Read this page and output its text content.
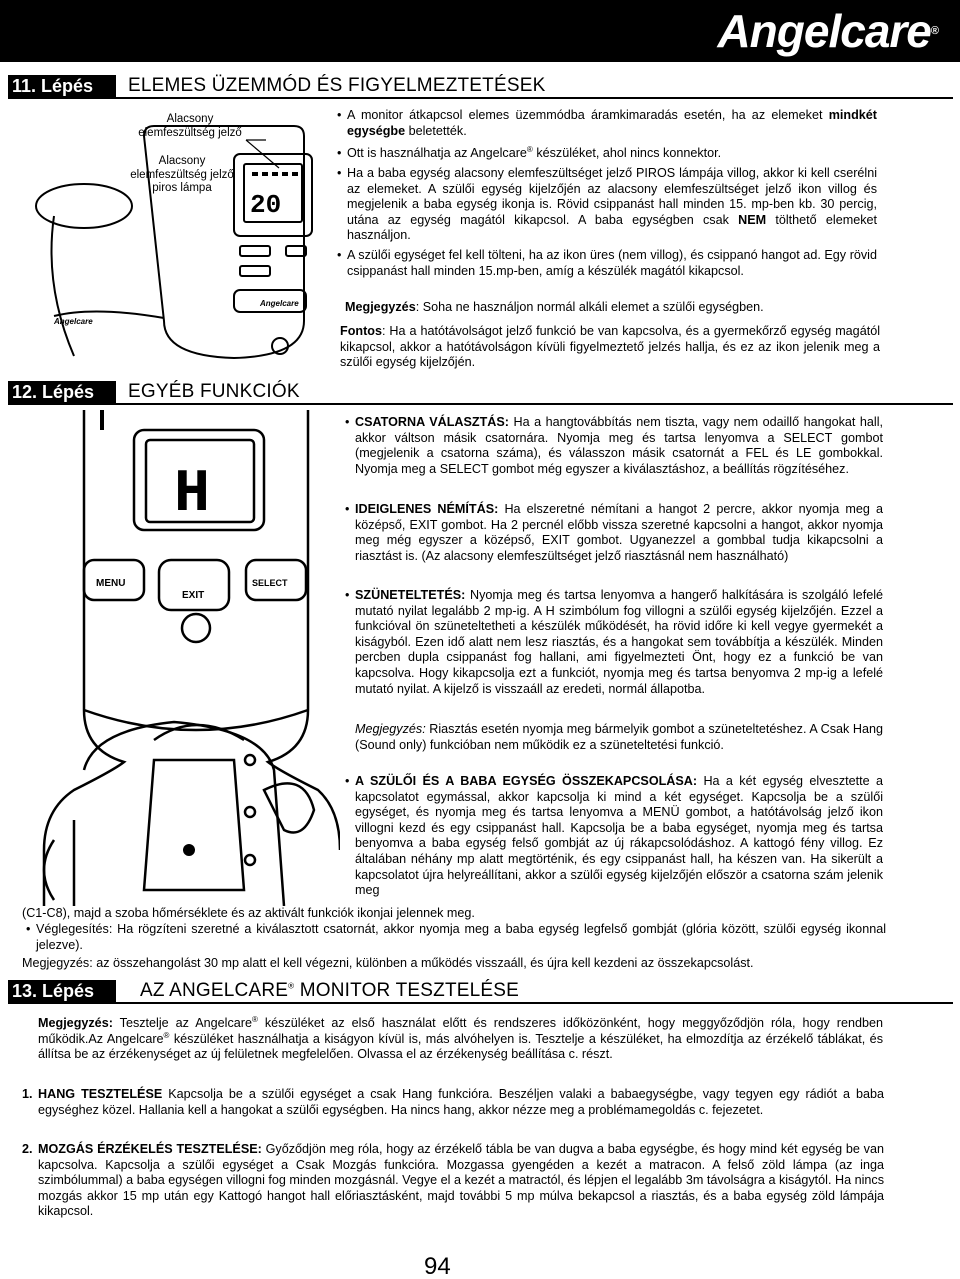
Angelcare®
11. Lépés	ELEMES ÜZEMMÓD ÉS FIGYELMEZTETÉSEK
20
Angelcare
Angelcare
Alacsony elemfeszültség jelző
Alacsony elemfeszültség jelző piros lámpa
• A monitor átkapcsol elemes üzemmódba áramkimaradás esetén, ha az elemeket mindkét egységbe beletették.
• Ott is használhatja az Angelcare® készüléket, ahol nincs konnektor.
• Ha a baba egység alacsony elemfeszültséget jelző PIROS lámpája villog, akkor ki kell cserélni az elemeket. A szülői egység kijelzőjén az alacsony elemfeszültséget jelző ikon villog és megjelenik a baba egység ikonja is. Rövid csippanást hall minden 15. mp-ben kb. 30 percig, utána az egység magától kikapcsol. A baba egységben csak NEM tölthető elemeket használjon.
• A szülői egységet fel kell tölteni, ha az ikon üres (nem villog), és csippanó hangot ad. Egy rövid csippanást hall minden 15.mp-ben, amíg a készülék magától kikapcsol.
Megjegyzés: Soha ne használjon normál alkáli elemet a szülői egységben.
Fontos: Ha a hatótávolságot jelző funkció be van kapcsolva, és a gyermekőrző egység magától kikapcsol, akkor a hatótávolságon kívüli figyelmeztető jelzés hallja, és ez az ikon jelenik meg a szülői egység kijelzőjén.
12. Lépés	EGYÉB FUNKCIÓK
H
MENU	SELECT
EXIT
• CSATORNA VÁLASZTÁS: Ha a hangtovábbítás nem tiszta, vagy nem odaillő hangokat hall, akkor váltson másik csatornára. Nyomja meg és tartsa lenyomva a SELECT gombot (megjelenik a csatorna száma), és válasszon másik csatornát a FEL és LE gombokkal. Nyomja meg a SELECT gombot még egyszer a kiválasztáshoz, a beállítás rögzítéséhez.
• IDEIGLENES NÉMÍTÁS: Ha elszeretné némítani a hangot 2 percre, akkor nyomja meg a középső, EXIT gombot. Ha 2 percnél előbb vissza szeretné kapcsolni a hangot, akkor nyomja meg még egyszer a középső, EXIT gombot. Ugyanezzel a gombbal tudja kikapcsolni a riasztást is. (Az alacsony elemfeszültséget jelző riasztásnál nem használható)
• SZÜNETELTETÉS: Nyomja meg és tartsa lenyomva a hangerő halkítására is szolgáló lefelé mutató nyilat legalább 2 mp-ig. A H szimbólum fog villogni a szülői egység kijelzőjén. Ezzel a funkcióval ön szüneteltetheti a készülék működését, ha rövid időre ki kell vegye gyermekét a kiságyból. Ezen idő alatt nem lesz riasztás, és a hangokat sem továbbítja a készülék. Minden percben dupla csippanást fog hallani, ami figyelmezteti Önt, hogy ez a funkció be van kapcsolva. Hogy kikapcsolja ezt a funkciót, nyomja meg és tartsa benyomva 2 mp-ig a lefelé mutató nyilat. A kijelző is visszaáll az eredeti, normál állapotba.
Megjegyzés: Riasztás esetén nyomja meg bármelyik gombot a szüneteltetéshez. A Csak Hang (Sound only) funkcióban nem működik ez a szüneteltetési funkció.
• A SZÜLŐI ÉS A BABA EGYSÉG ÖSSZEKAPCSOLÁSA: Ha a két egység elvesztette a kapcsolatot egymással, akkor kapcsolja ki mind a két egységet. Kapcsolja be a szülői egységet, és nyomja meg és tartsa lenyomva a MENÜ gombot, a hatótávolság jelző ikon villogni kezd és egy csippanást hall. Kapcsolja be a baba egységet, nyomja meg és tartsa benyomva a baba egység felső gombját az új rákapcsolódáshoz. A kattogó fény villog. Ez általában néhány mp alatt megtörténik, és egy csippanást hall, ha készen van. Ha sikerült a kapcsolatot újra helyreállítani, akkor a szülői egység kijelzőjén először a csatorna szám jelenik meg
(C1-C8), majd a szoba hőmérséklete és az aktivált funkciók ikonjai jelennek meg.
• Véglegesítés: Ha rögzíteni szeretné a kiválasztott csatornát, akkor nyomja meg a baba egység legfelső gombját (glória között, szülői egység ikonnal jelezve).
Megjegyzés: az összehangolást 30 mp alatt el kell végezni, különben a működés visszaáll, és újra kell kezdeni az összekapcsolást.
13. Lépés	AZ ANGELCARE® MONITOR TESZTELÉSE
Megjegyzés: Tesztelje az Angelcare® készüléket az első használat előtt és rendszeres időközönként, hogy meggyőződjön róla, hogy rendben működik.Az Angelcare® készüléket használhatja a kiságyon kívül is, más alvóhelyen is. Tesztelje a készüléket, ha elmozdítja az érzékelő táblákat, és állítsa be az érzékenységet az új felületnek megfelelően. Olvassa el az érzékenység beállítása c. részt.
1. HANG TESZTELÉSE Kapcsolja be a szülői egységet a csak Hang funkcióra. Beszéljen valaki a babaegységbe, vagy tegyen egy rádiót a baba egységhez közel. Hallania kell a hangokat a szülői egységben. Ha nincs hang, akkor nézze meg a problémamegoldás c. fejezetet.
2. MOZGÁS ÉRZÉKELÉS TESZTELÉSE: Győződjön meg róla, hogy az érzékelő tábla be van dugva a baba egységbe, és hogy mind két egység be van kapcsolva. Kapcsolja a szülői egységet a Csak Mozgás funkcióra. Mozgassa gyengéden a kezét a matracon. A felső zöld lámpa (az inga szimbólummal) a baba egységen villogni fog minden mozgásnál. Vegye el a kezét a matractól, és lépjen el legalább 3m távolságra a kiságytól. Ha nincs mozgás akkor 15 mp után egy Kattogó hangot hall előriasztásként, majd további 5 mp múlva bekapcsol a riasztás, és a baba egység zöld lámpája kikapcsol.
94
